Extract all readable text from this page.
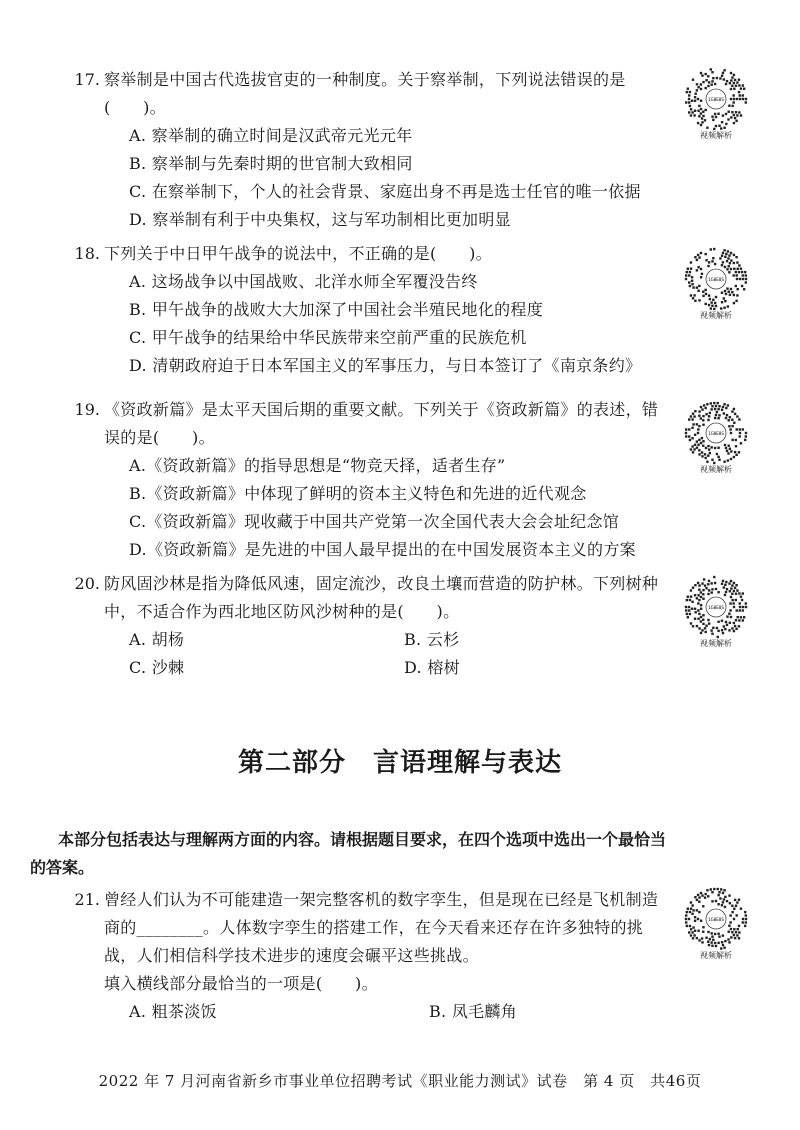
17. 察举制是中国古代选拔官吏的一种制度。关于察举制，下列说法错误的是(　　)。
A. 察举制的确立时间是汉武帝元光元年
B. 察举制与先秦时期的世官制大致相同
C. 在察举制下，个人的社会背景、家庭出身不再是选士任官的唯一依据
D. 察举制有利于中央集权，这与军功制相比更加明显
18. 下列关于中日甲午战争的说法中，不正确的是(　　)。
A. 这场战争以中国战败、北洋水师全军覆没告终
B. 甲午战争的战败大大加深了中国社会半殖民地化的程度
C. 甲午战争的结果给中华民族带来空前严重的民族危机
D. 清朝政府迫于日本军国主义的军事压力，与日本签订了《南京条约》
19. 《资政新篇》是太平天国后期的重要文献。下列关于《资政新篇》的表述，错误的是(　　)。
A.《资政新篇》的指导思想是“物竞天择，适者生存”
B.《资政新篇》中体现了鲜明的资本主义特色和先进的近代观念
C.《资政新篇》现收藏于中国共产党第一次全国代表大会会址纪念馆
D.《资政新篇》是先进的中国人最早提出的在中国发展资本主义的方案
20. 防风固沙林是指为降低风速，固定流沙，改良土壤而营造的防护林。下列树种中，不适合作为西北地区防风沙树种的是(　　)。
A. 胡杨	B. 云杉
C. 沙棘	D. 榕树
第二部分　言语理解与表达
本部分包括表达与理解两方面的内容。请根据题目要求，在四个选项中选出一个最恰当的答案。
21. 曾经人们认为不可能建造一架完整客机的数字孪生，但是现在已经是飞机制造商的________。人体数字孪生的搭建工作，在今天看来还存在许多独特的挑战，人们相信科学技术进步的速度会碾平这些挑战。
填入横线部分最恰当的一项是(　　)。
A. 粗茶淡饭	B. 凤毛麟角
1G8E8S
视频解析
1G8E8S
视频解析
1G8E8S
视频解析
1G8E8S
视频解析
1G8E8S
视频解析
2022 年 7 月河南省新乡市事业单位招聘考试《职业能力测试》试卷　第 4 页　共46页
